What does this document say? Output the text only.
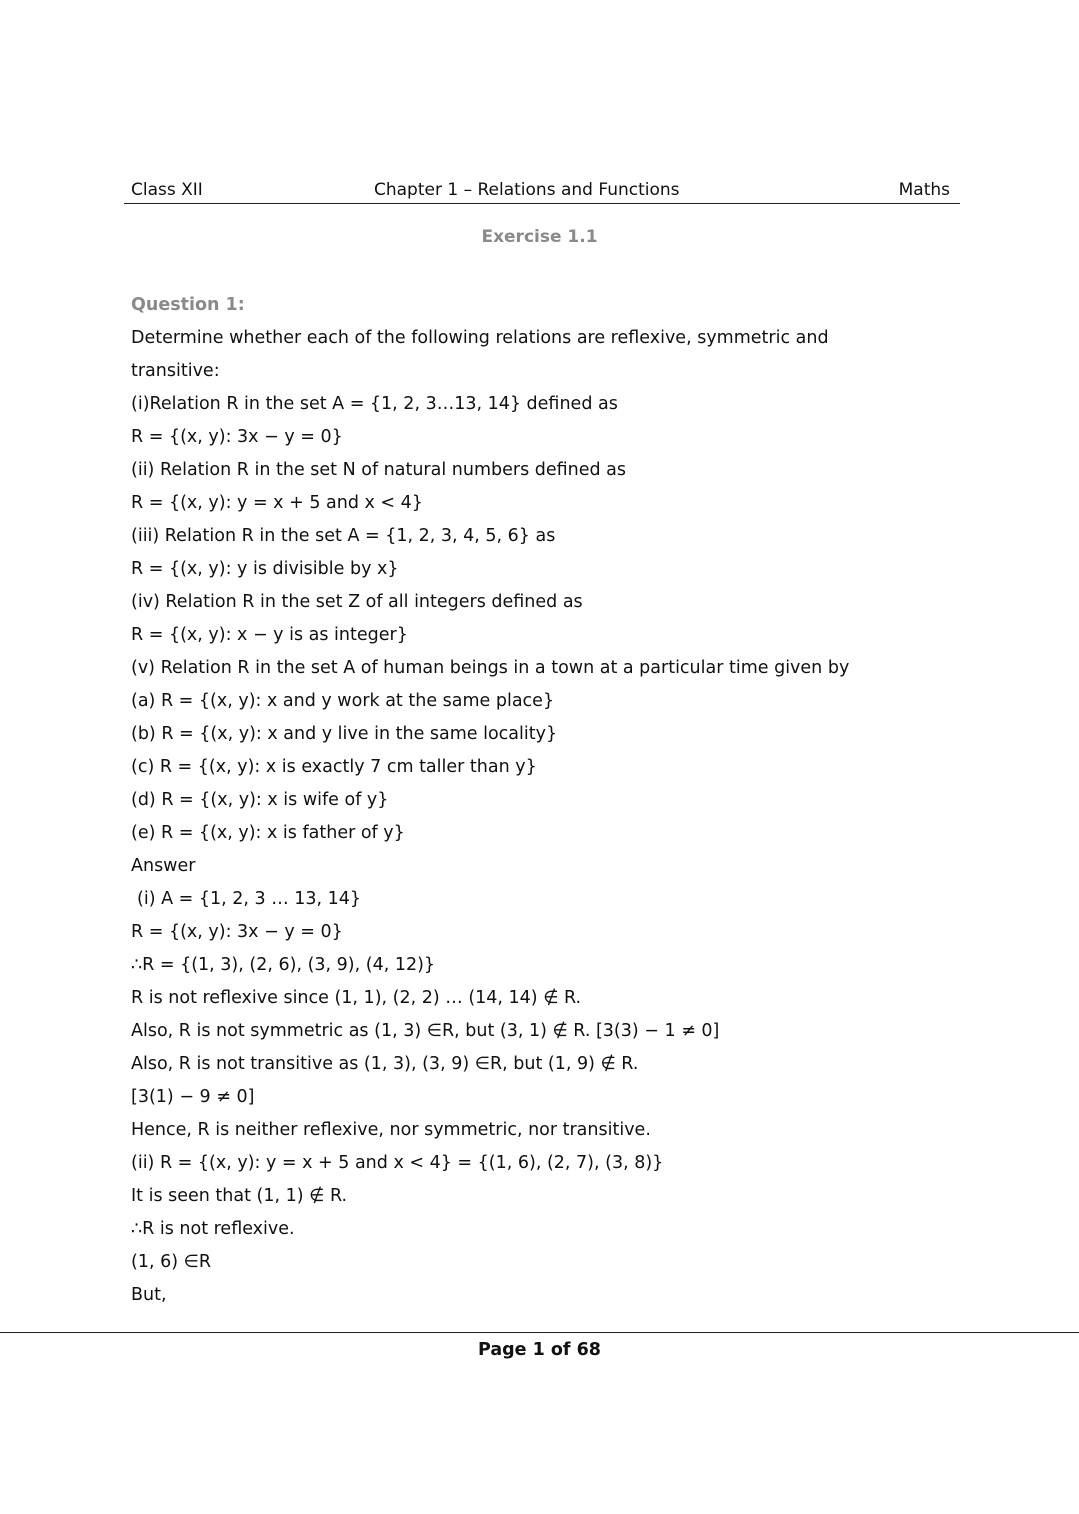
Class XII	Chapter 1 – Relations and Functions	Maths
Exercise 1.1
Question 1:
Determine whether each of the following relations are reflexive, symmetric and
transitive:
(i)Relation R in the set A = {1, 2, 3…13, 14} defined as
R = {(x, y): 3x − y = 0}
(ii) Relation R in the set N of natural numbers defined as
R = {(x, y): y = x + 5 and x < 4}
(iii) Relation R in the set A = {1, 2, 3, 4, 5, 6} as
R = {(x, y): y is divisible by x}
(iv) Relation R in the set Z of all integers defined as
R = {(x, y): x − y is as integer}
(v) Relation R in the set A of human beings in a town at a particular time given by
(a) R = {(x, y): x and y work at the same place}
(b) R = {(x, y): x and y live in the same locality}
(c) R = {(x, y): x is exactly 7 cm taller than y}
(d) R = {(x, y): x is wife of y}
(e) R = {(x, y): x is father of y}
Answer
(i) A = {1, 2, 3 … 13, 14}
R = {(x, y): 3x − y = 0}
∴R = {(1, 3), (2, 6), (3, 9), (4, 12)}
R is not reflexive since (1, 1), (2, 2) … (14, 14) ∉ R.
Also, R is not symmetric as (1, 3) ∈R, but (3, 1) ∉ R. [3(3) − 1 ≠ 0]
Also, R is not transitive as (1, 3), (3, 9) ∈R, but (1, 9) ∉ R.
[3(1) − 9 ≠ 0]
Hence, R is neither reflexive, nor symmetric, nor transitive.
(ii) R = {(x, y): y = x + 5 and x < 4} = {(1, 6), (2, 7), (3, 8)}
It is seen that (1, 1) ∉ R.
∴R is not reflexive.
(1, 6) ∈R
But,
Page 1 of 68
